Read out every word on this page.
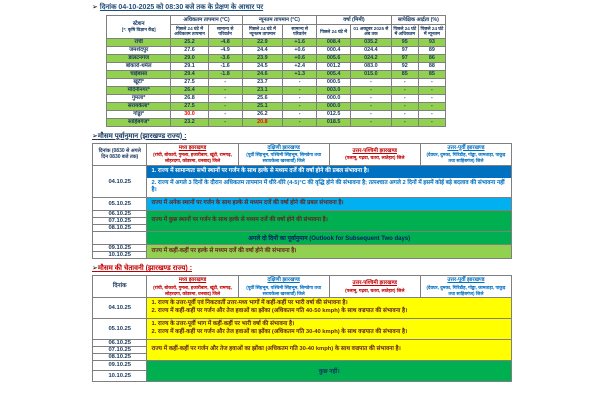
➢ दिनांक 04-10-2025 को 08:30 बजे तक के प्रेक्षण के आधार पर
स्टेशन
[*: कृषि विज्ञान केंद्र]	अधिकतम तापमान (°C)		न्यूनतम तापमान (°C)		वर्षा (मिमी)		सापेक्षिक आर्द्रता (%)	
	पिछले 24 घंटे में अधिकतम तापमान	सामान्य से परिवर्तन	पिछले 24 घंटे में न्यूनतम तापमान	सामान्य से परिवर्तन	पिछले 24 घंटे में	01 अक्टूबर 2025 से अब तक	पिछले 24 घंटे में अधिकतम	पिछले 24 घंटे में न्यूनतम
रांची	25.2	-4.8	22.9	+1.6	008.4	035.2	95	93
जमशेदपुर	27.6	-4.9	24.4	+0.6	000.4	024.4	97	89
डालटनगंज	29.0	-3.6	23.9	+0.6	005.6	024.2	97	86
बोकारो-थर्मल	29.1	-1.6	24.5	+2.4	001.2	083.0	92	88
चाईबासा	29.4	-1.8	24.6	+1.3	005.4	015.0	85	85
खूंटी*	27.5	-	23.7	-	000.5	-	-	-
मेदिनीनगर*	26.4	-	23.1	-	003.0	-	-	-
गुमला*	26.8	-	25.6	-	000.0	-	-	-
सरायकेला*	27.5	-	25.1	-	000.0	-	-	-
गोड्डा*	30.0	-	26.2	-	012.5	-	-	-
साहिबगंज*	23.2	-	20.8	-	018.5	-	-	-
➢मौसम पूर्वानुमान (झारखण्ड राज्य) :
दिनांक (0830 से अगले दिन 0830 बजे तक)	
मध्य झारखण्ड
(रांची, बोकारो, गुमला, हजारीबाग, खूंटी, रामगढ़, लोहरदगा, कोडरमा, धनबाद) जिले

दक्षिणी झारखण्ड
(पूर्वी सिंहभूम, पश्चिमी सिंहभूम, सिमडेगा तथा सरायकेला खरसावाँ) जिले

उत्तर-पश्चिमी झारखण्ड
(पलामू, गढ़वा, चतरा, लातेहार) जिले

उत्तर-पूर्वी झारखण्ड
(देवघर, दुमका, गिरिडीह, गोड्डा, जामताड़ा, पाकुड़ तथा साहिबगंज) जिले

04.10.25	1. राज्य में सामान्यतः सभी स्थानों पर गर्जन के साथ हल्के से मध्यम दर्जे की वर्षा होने की प्रबल संभावना है।
2. राज्य में अगले 3 दिनों के दौरान अधिकतम तापमान में धीरे-धीरे (4-5)°C की वृद्धि होने की संभावना है; तत्पश्चात अगले 2 दिनों में इसमें कोई बड़े बदलाव की संभावना नहीं है।			

05.10.25	राज्य में अनेक स्थानों पर गर्जन के साथ हल्के से मध्यम दर्जे की वर्षा होने की प्रबल संभावना है।			

06.10.25	राज्य में कुछ स्थानों पर गर्जन के साथ हल्के से मध्यम दर्जे की वर्षा होने की संभावना है।			

07.10.25				
08.10.25				
	अगले दो दिनों का पूर्वानुमान (Outlook for Subsequent Two days)			
09.10.25	राज्य में कहीं-कहीं पर हल्के से मध्यम दर्जे की वर्षा होने की संभावना है।			

10.10.25				
➢मौसम की चेतावनी (झारखण्ड राज्य) :
दिनांक	
मध्य झारखण्ड
(रांची, बोकारो, गुमला, हजारीबाग, खूंटी, रामगढ़, लोहरदगा, कोडरमा, धनबाद) जिले

दक्षिणी झारखण्ड
(पूर्वी सिंहभूम, पश्चिमी सिंहभूम, सिमडेगा तथा सरायकेला खरसावाँ) जिले

उत्तर-पश्चिमी झारखण्ड
(पलामू, गढ़वा, चतरा, लातेहार) जिले

उत्तर-पूर्वी झारखण्ड
(देवघर, दुमका, गिरिडीह, गोड्डा, जामताड़ा, पाकुड़ तथा साहिबगंज) जिले

04.10.25	1. राज्य के उत्तर-पूर्वी एवं निकटवर्ती उत्तर-मध्य भागों में कहीं-कहीं पर भारी वर्षा की संभावना है।
2. राज्य में कहीं-कहीं पर गर्जन और तेज हवाओं का झोंका (अधिकतम गति 40-50 kmph) के साथ वज्रपात की संभावना है।			

05.10.25	1. राज्य के उत्तर-पूर्वी भाग में कहीं-कहीं पर भारी वर्षा की संभावना है।
2. राज्य में कहीं-कहीं पर गर्जन और तेज हवाओं का झोंका (अधिकतम गति 30-40 kmph) के साथ वज्रपात की संभावना है।			

06.10.25	राज्य में कहीं-कहीं पर गर्जन और तेज हवाओं का झोंका (अधिकतम गति 30-40 kmph) के साथ वज्रपात की संभावना है।			

07.10.25				
08.10.25				
09.10.25	कुछ नहीं।			
10.10.25				
